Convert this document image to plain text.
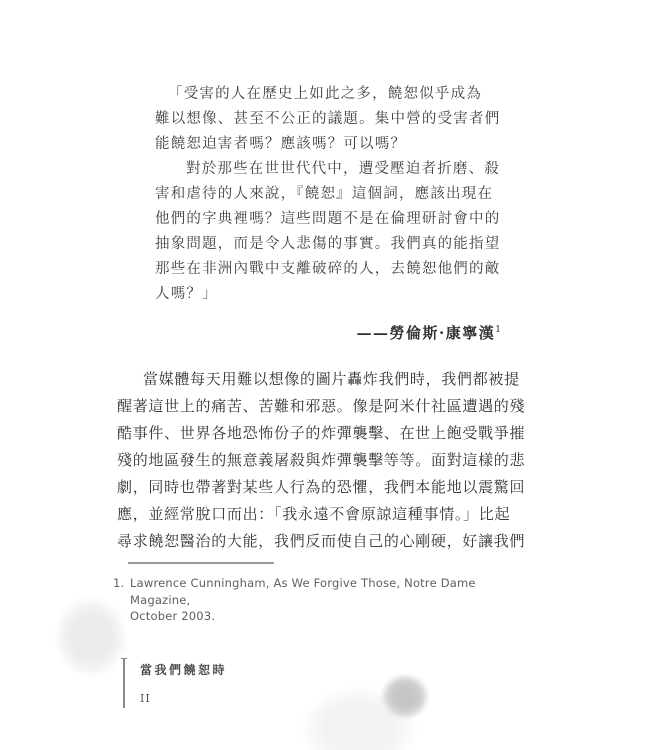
「受害的人在歷史上如此之多，饒恕似乎成為
難以想像、甚至不公正的議題。集中營的受害者們
能饒恕迫害者嗎？應該嗎？可以嗎？
對於那些在世世代代中，遭受壓迫者折磨、殺
害和虐待的人來說，『饒恕』這個詞，應該出現在
他們的字典裡嗎？這些問題不是在倫理研討會中的
抽象問題，而是令人悲傷的事實。我們真的能指望
那些在非洲內戰中支離破碎的人，去饒恕他們的敵
人嗎？」
——勞倫斯·康寧漢$^1$
當媒體每天用難以想像的圖片轟炸我們時，我們都被提
醒著這世上的痛苦、苦難和邪惡。像是阿米什社區遭遇的殘
酷事件、世界各地恐怖份子的炸彈襲擊、在世上飽受戰爭摧
殘的地區發生的無意義屠殺與炸彈襲擊等等。面對這樣的悲
劇，同時也帶著對某些人行為的恐懼，我們本能地以震驚回
應，並經常脫口而出：「我永遠不會原諒這種事情。」比起
尋求饒恕醫治的大能，我們反而使自己的心剛硬，好讓我們
1. Lawrence Cunningham, As We Forgive Those, Notre Dame Magazine,
October 2003.
當我們饒恕時
II
